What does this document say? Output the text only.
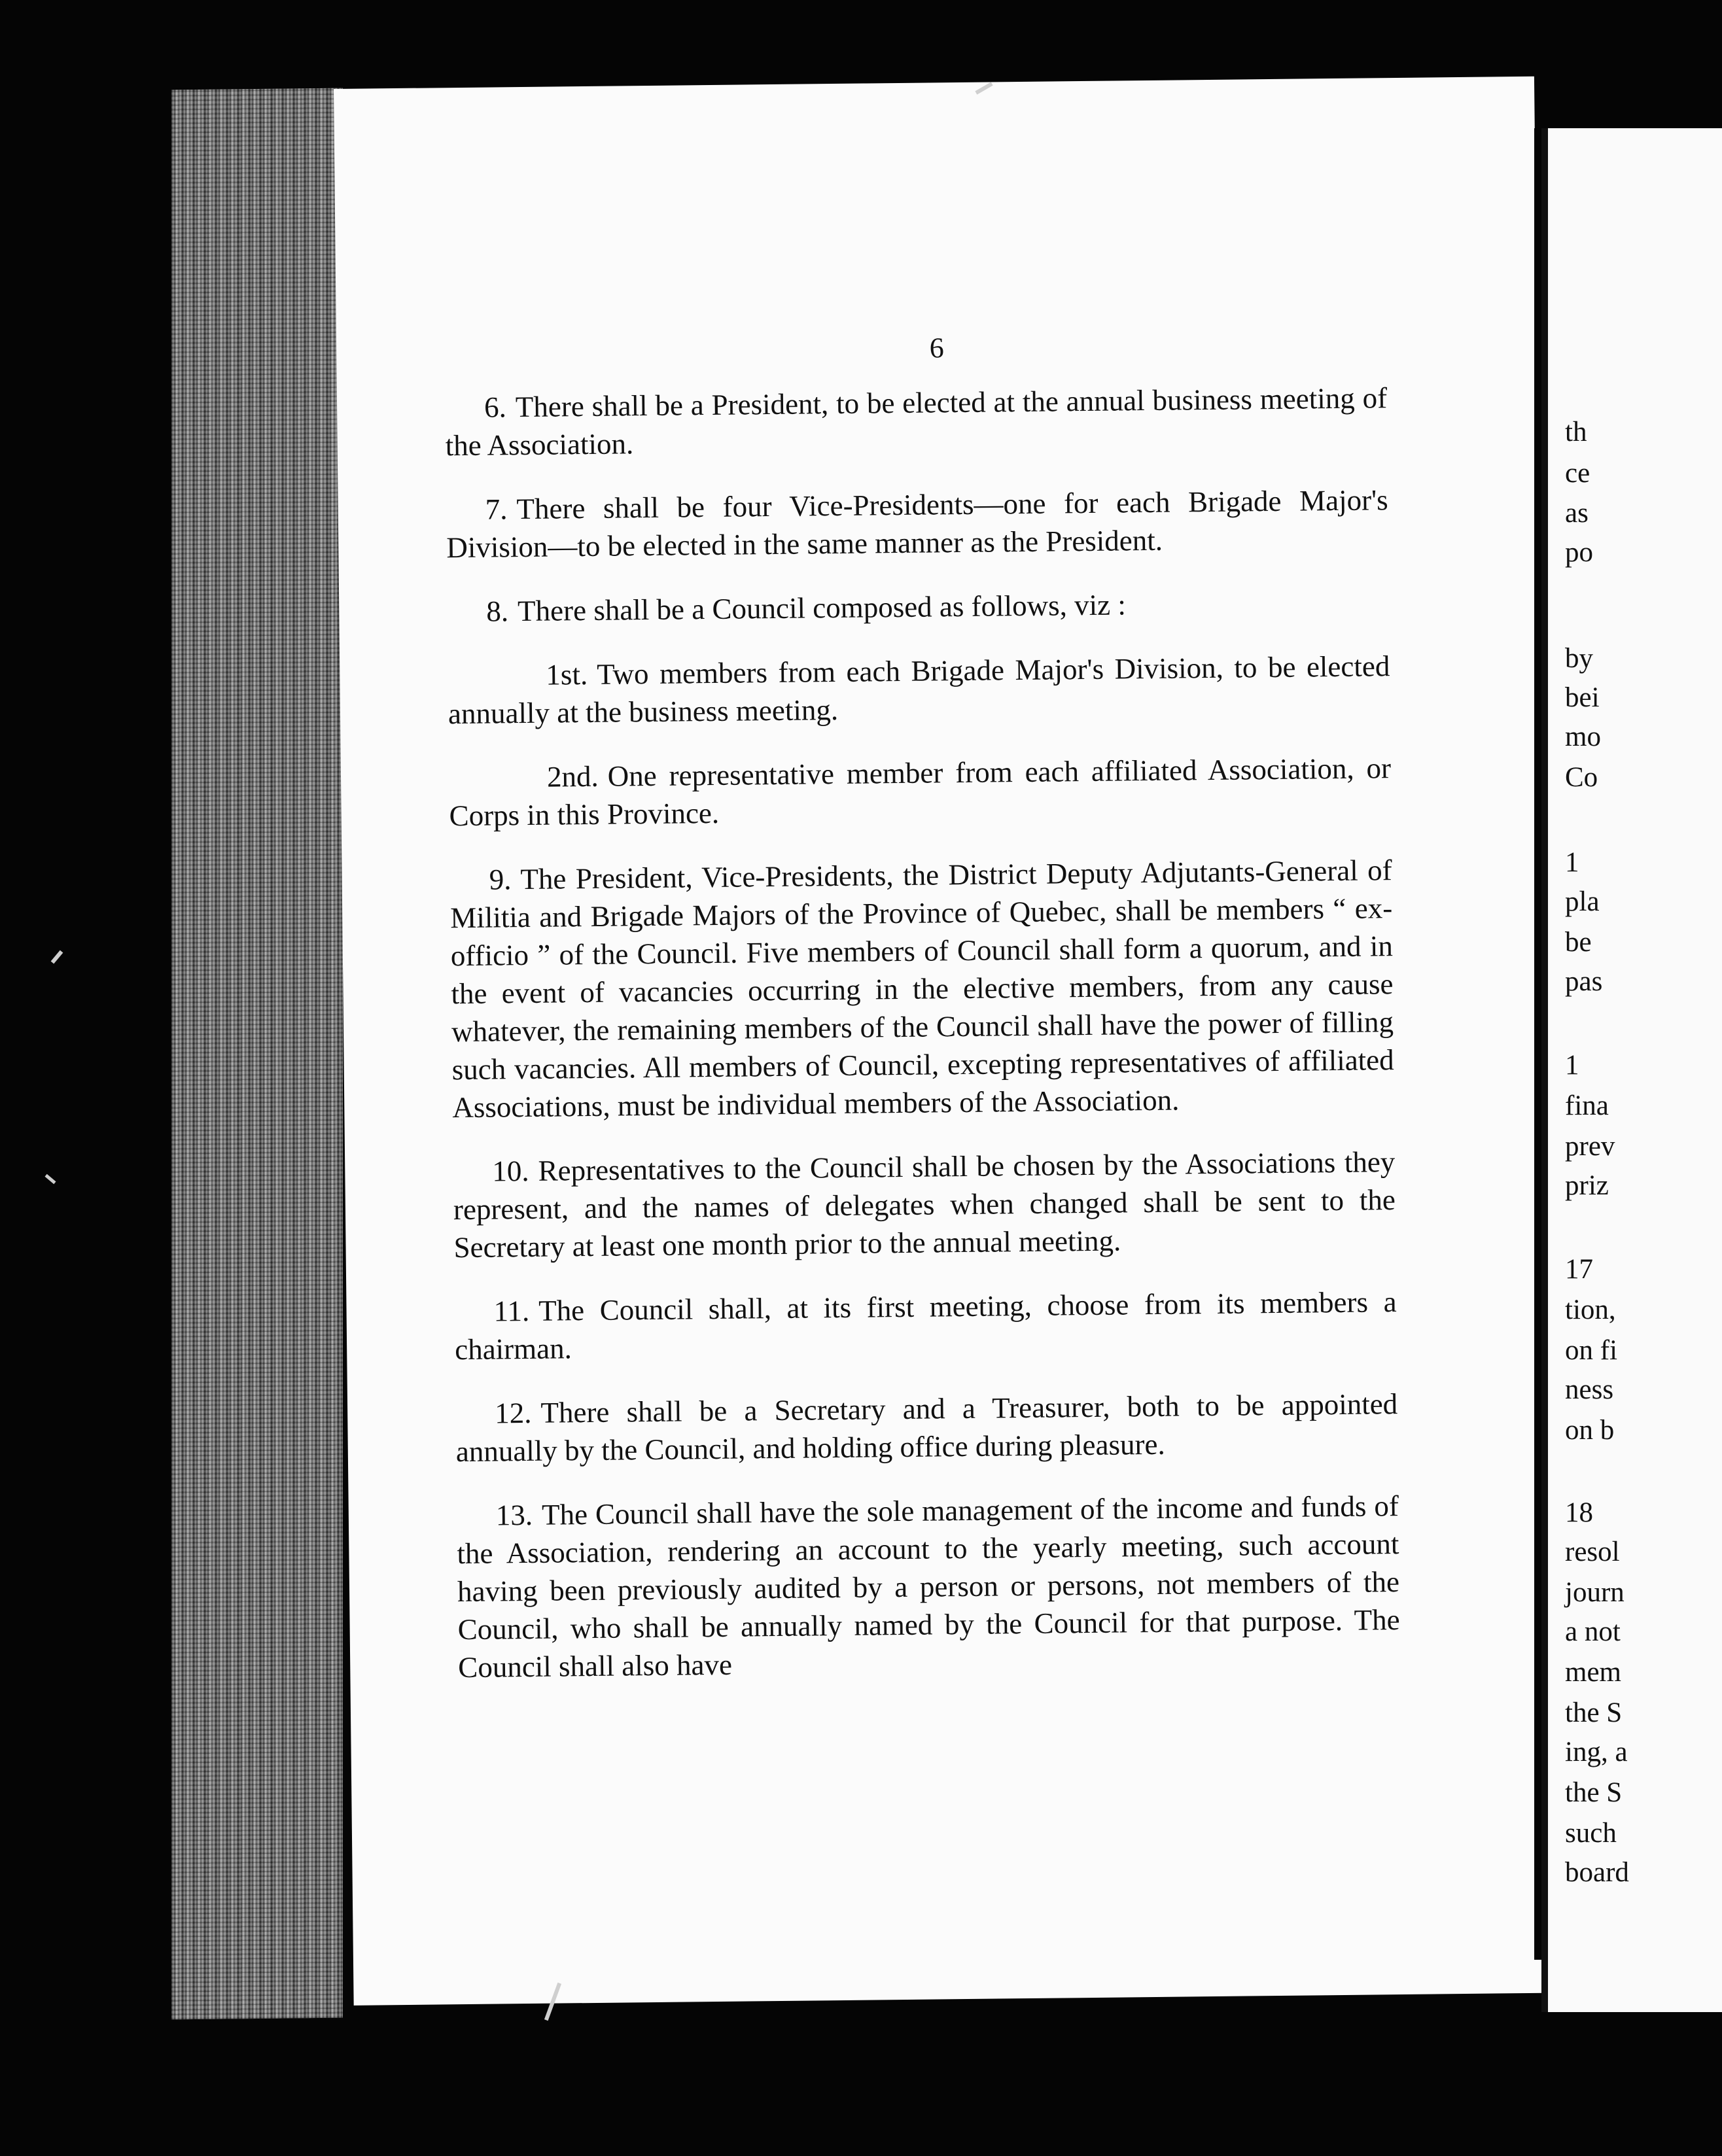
6

6. There shall be a President, to be elected at the annual business meeting of the Association.

7. There shall be four Vice-Presidents—one for each Brigade Major's Division—to be elected in the same manner as the President.

8. There shall be a Council composed as follows, viz :

1st. Two members from each Brigade Major's Division, to be elected annually at the business meeting.

2nd. One representative member from each affiliated Association, or Corps in this Province.

9. The President, Vice-Presidents, the District Deputy Adjutants-General of Militia and Brigade Majors of the Province of Quebec, shall be members “ ex-officio ” of the Council. Five members of Council shall form a quorum, and in the event of vacancies occurring in the elective members, from any cause whatever, the remaining members of the Council shall have the power of filling such vacancies. All members of Council, excepting representatives of affiliated Associations, must be individual members of the Association.

10. Representatives to the Council shall be chosen by the Associations they represent, and the names of delegates when changed shall be sent to the Secretary at least one month prior to the annual meeting.

11. The Council shall, at its first meeting, choose from its members a chairman.

12. There shall be a Secretary and a Treasurer, both to be appointed annually by the Council, and holding office during pleasure.

13. The Council shall have the sole management of the income and funds of the Association, rendering an account to the yearly meeting, such account having been previously audited by a person or persons, not members of the Council, who shall be annually named by the Council for that purpose. The Council shall also have

th
ce
as
po
by
bei
mo
Co
1
pla
be
pas
1
fina
prev
priz
17
tion,
on fi
ness
on b
18
resol
journ
a not
mem
the S
ing, a
the S
such
board
